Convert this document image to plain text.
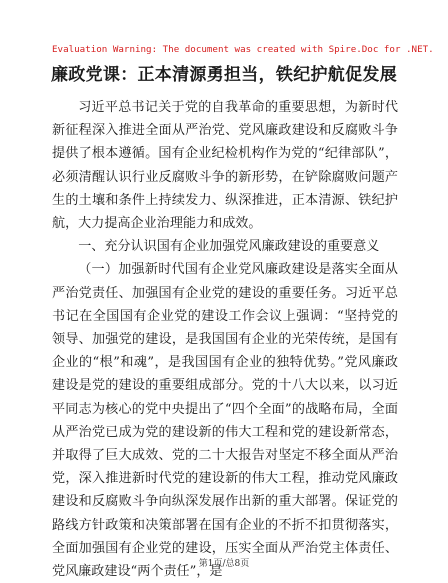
Evaluation Warning: The document was created with Spire.Doc for .NET.
廉政党课：正本清源勇担当，铁纪护航促发展

习近平总书记关于党的自我革命的重要思想，为新时代新征程深入推进全面从严治党、党风廉政建设和反腐败斗争提供了根本遵循。国有企业纪检机构作为党的“纪律部队”，必须清醒认识行业反腐败斗争的新形势，在铲除腐败问题产生的土壤和条件上持续发力、纵深推进，正本清源、铁纪护航，大力提高企业治理能力和成效。

一、充分认识国有企业加强党风廉政建设的重要意义

（一）加强新时代国有企业党风廉政建设是落实全面从严治党责任、加强国有企业党的建设的重要任务。习近平总书记在全国国有企业党的建设工作会议上强调：“坚持党的领导、加强党的建设，是我国国有企业的光荣传统，是国有企业的“根”和魂”，是我国国有企业的独特优势。”党风廉政建设是党的建设的重要组成部分。党的十八大以来，以习近平同志为核心的党中央提出了“四个全面”的战略布局，全面从严治党已成为党的建设新的伟大工程和党的建设新常态，并取得了巨大成效、党的二十大报告对坚定不移全面从严治党，深入推进新时代党的建设新的伟大工程，推动党风廉政建设和反腐败斗争向纵深发展作出新的重大部署。保证党的路线方针政策和决策部署在国有企业的不折不扣贯彻落实，全面加强国有企业党的建设，压实全面从严治党主体责任、党风廉政建设“两个责任”，是

第1页/总8页
